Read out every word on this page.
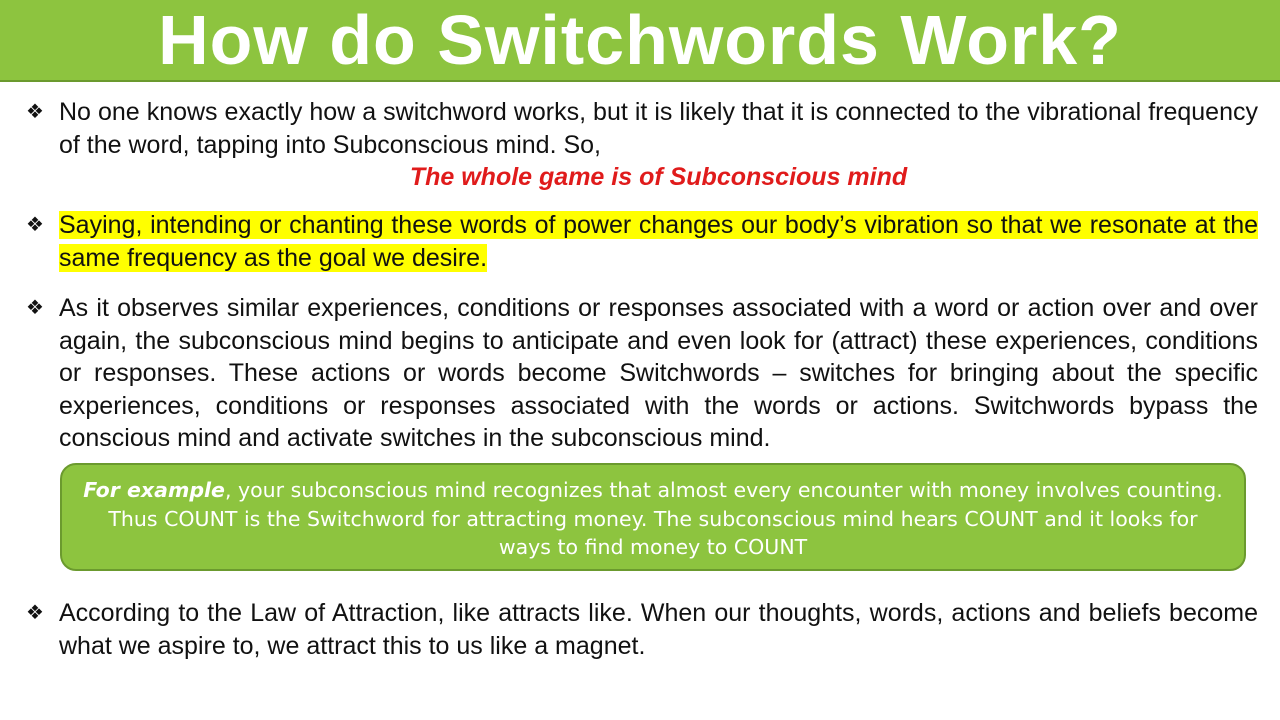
How do Switchwords Work?
❖ No one knows exactly how a switchword works, but it is likely that it is connected to the vibrational frequency of the word, tapping into Subconscious mind. So,
The whole game is of Subconscious mind
❖ Saying, intending or chanting these words of power changes our body’s vibration so that we resonate at the same frequency as the goal we desire.
❖ As it observes similar experiences, conditions or responses associated with a word or action over and over again, the subconscious mind begins to anticipate and even look for (attract) these experiences, conditions or responses. These actions or words become Switchwords – switches for bringing about the specific experiences, conditions or responses associated with the words or actions. Switchwords bypass the conscious mind and activate switches in the subconscious mind.
For example, your subconscious mind recognizes that almost every encounter with money involves counting. Thus COUNT is the Switchword for attracting money. The subconscious mind hears COUNT and it looks for ways to find money to COUNT
❖ According to the Law of Attraction, like attracts like. When our thoughts, words, actions and beliefs become what we aspire to, we attract this to us like a magnet.
